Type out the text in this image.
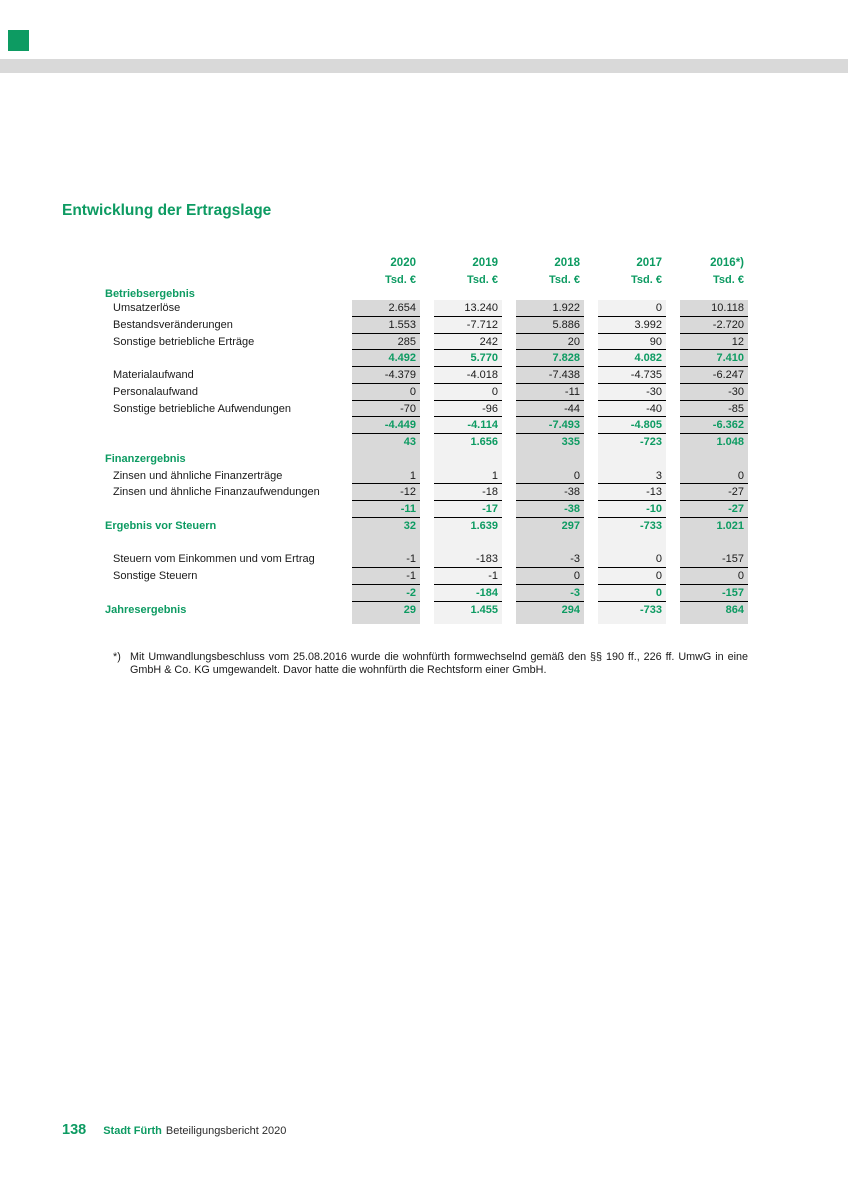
Entwicklung der Ertragslage
2020	2019	2018	2017	2016*)
Tsd. €	Tsd. €	Tsd. €	Tsd. €	Tsd. €
Betriebsergebnis
Umsatzerlöse	2.654	13.240	1.922	0	10.118
Bestandsveränderungen	1.553	-7.712	5.886	3.992	-2.720
Sonstige betriebliche Erträge	285	242	20	90	12
4.492	5.770	7.828	4.082	7.410
Materialaufwand	-4.379	-4.018	-7.438	-4.735	-6.247
Personalaufwand	0	0	-11	-30	-30
Sonstige betriebliche Aufwendungen	-70	-96	-44	-40	-85
-4.449	-4.114	-7.493	-4.805	-6.362
43	1.656	335	-723	1.048
Finanzergebnis
Zinsen und ähnliche Finanzerträge	1	1	0	3	0
Zinsen und ähnliche Finanzaufwendungen	-12	-18	-38	-13	-27
-11	-17	-38	-10	-27
Ergebnis vor Steuern	32	1.639	297	-733	1.021
Steuern vom Einkommen und vom Ertrag	-1	-183	-3	0	-157
Sonstige Steuern	-1	-1	0	0	0
-2	-184	-3	0	-157
Jahresergebnis	29	1.455	294	-733	864
*) Mit Umwandlungsbeschluss vom 25.08.2016 wurde die wohnfürth formwechselnd gemäß den §§ 190 ff., 226 ff. UmwG in eine GmbH & Co. KG umgewandelt. Davor hatte die wohnfürth die Rechtsform einer GmbH.
138 Stadt Fürth Beteiligungsbericht 2020
